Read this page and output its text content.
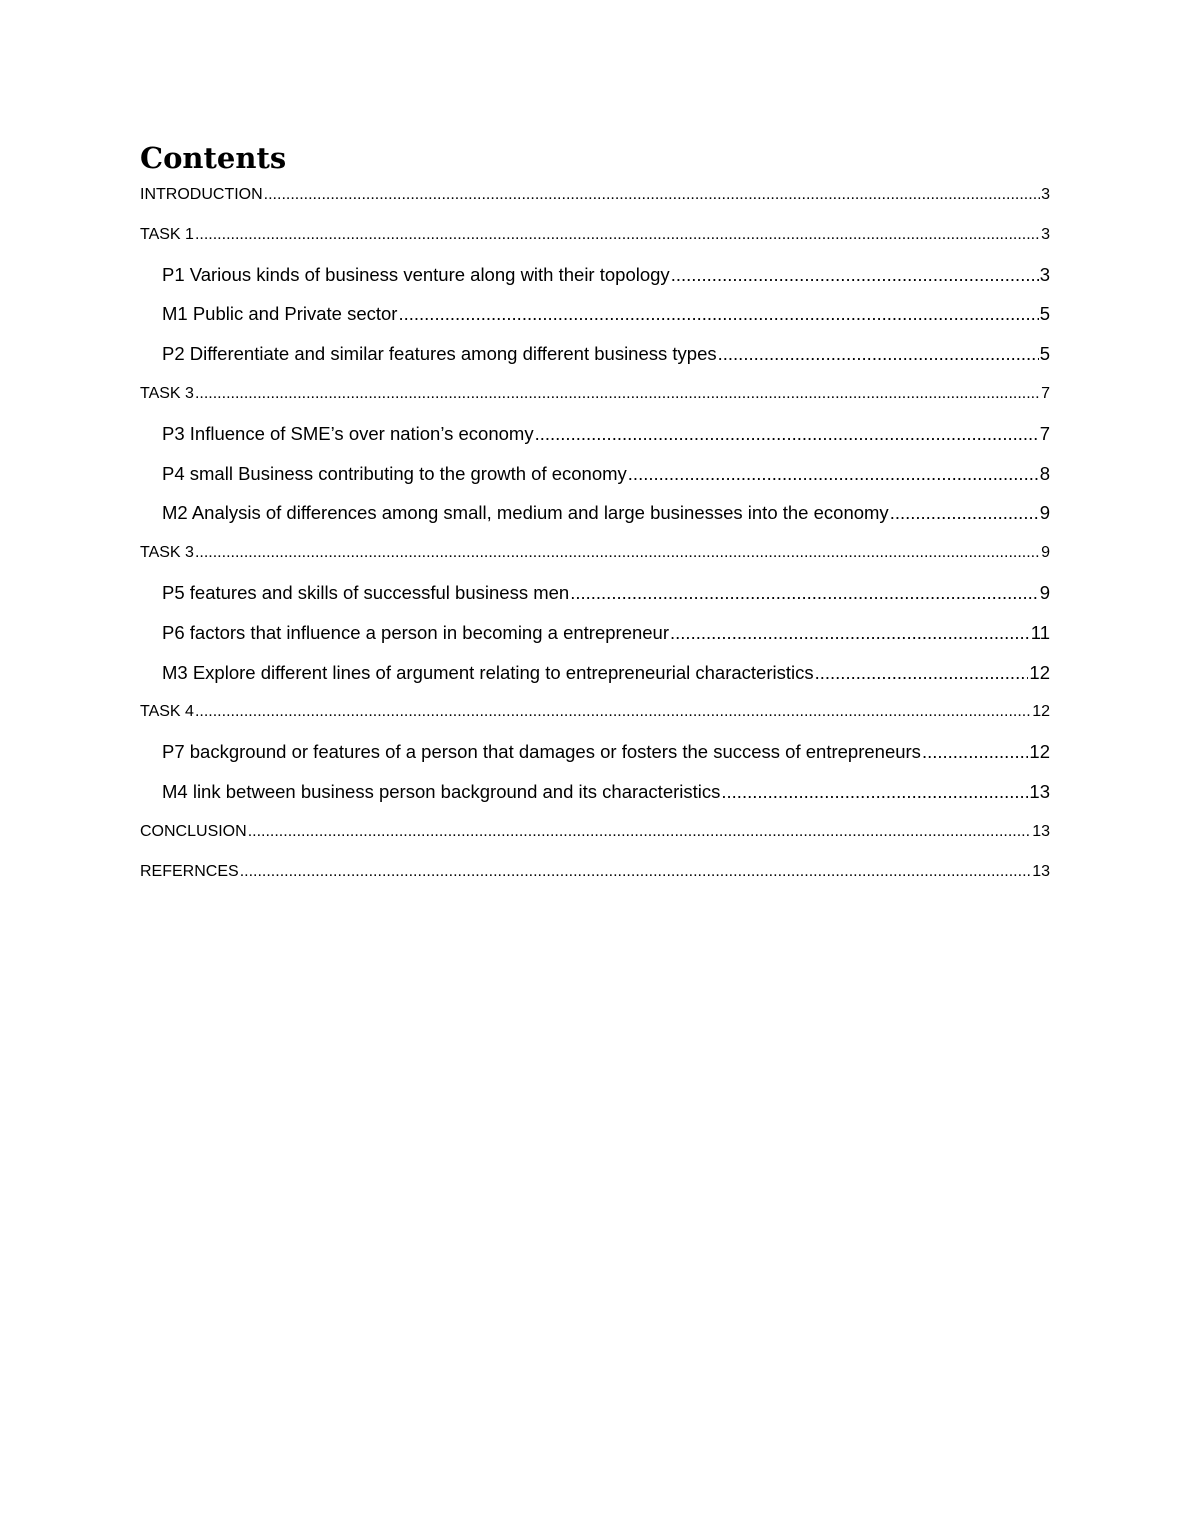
Contents
INTRODUCTION .....	3
TASK 1 .....	3
P1 Various kinds of business venture along with their topology .....	3
M1 Public and Private sector .....	5
P2 Differentiate and similar features among different business types .....	5
TASK 3 .....	7
P3 Influence of SME’s over nation’s economy .....	7
P4 small Business contributing to the growth of economy .....	8
M2 Analysis of differences among small, medium and large businesses into the economy .....	9
TASK 3 .....	9
P5 features and skills of successful business men .....	9
P6 factors that influence a person in becoming a entrepreneur .....	11
M3 Explore different lines of argument relating to entrepreneurial characteristics .....	12
TASK 4 .....	12
P7 background or features of a person that damages or fosters the success of entrepreneurs .....	12
M4 link between business person background and its characteristics .....	13
CONCLUSION .....	13
REFERNCES .....	13
